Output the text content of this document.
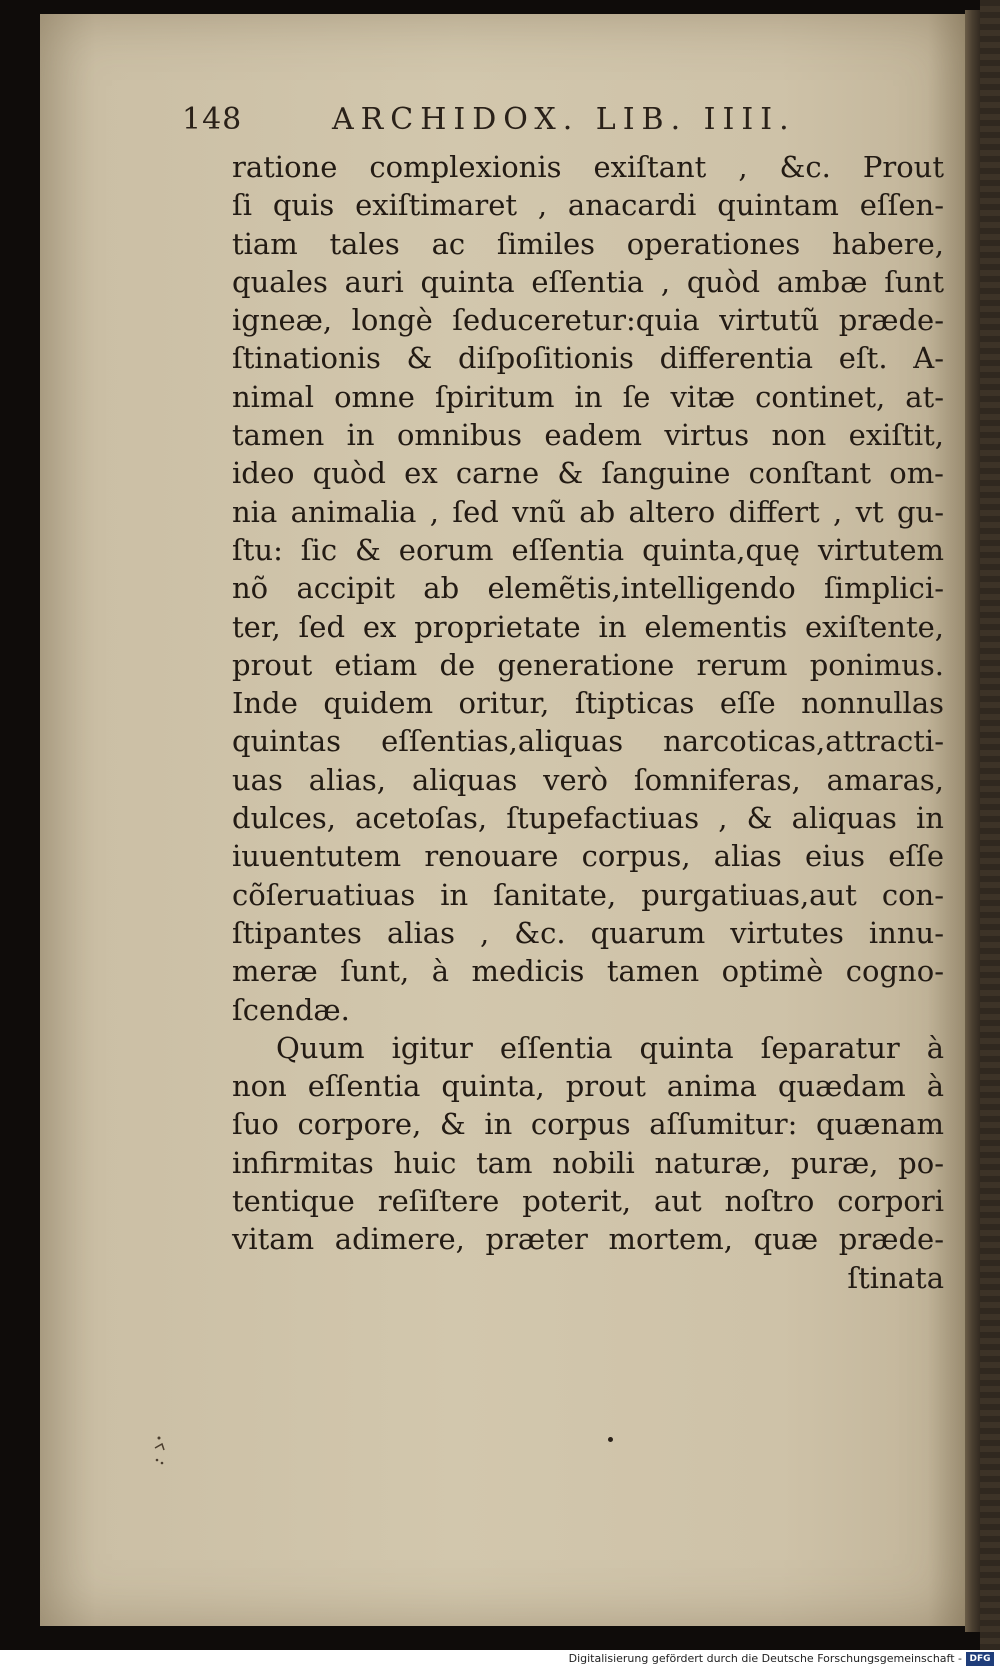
148	ARCHIDOX. LIB. IIII.
ratione complexionis exiſtant , &c. Prout
ſi quis exiſtimaret , anacardi quintam eſſen-
tiam tales ac ſimiles operationes habere,
quales auri quinta eſſentia , quòd ambæ ſunt
igneæ, longè ſeduceretur:quia virtutũ præde-
ſtinationis & diſpoſitionis differentia eſt. A-
nimal omne ſpiritum in ſe vitæ continet, at-
tamen in omnibus eadem virtus non exiſtit,
ideo quòd ex carne & ſanguine conſtant om-
nia animalia , ſed vnũ ab altero differt , vt gu-
ſtu: ſic & eorum eſſentia quinta,quę virtutem
nõ accipit ab elemẽtis,intelligendo ſimplici-
ter, ſed ex proprietate in elementis exiſtente,
prout etiam de generatione rerum ponimus.
Inde quidem oritur, ſtipticas eſſe nonnullas
quintas eſſentias,aliquas narcoticas,attracti-
uas alias, aliquas verò ſomniferas, amaras,
dulces, acetoſas, ſtupefactiuas , & aliquas in
iuuentutem renouare corpus, alias eius eſſe
cõſeruatiuas in ſanitate, purgatiuas,aut con-
ſtipantes alias , &c. quarum virtutes innu-
meræ ſunt, à medicis tamen optimè cogno-
ſcendæ.
Quum igitur eſſentia quinta ſeparatur à
non eſſentia quinta, prout anima quædam à
ſuo corpore, & in corpus aſſumitur: quænam
infirmitas huic tam nobili naturæ, puræ, po-
tentique reſiſtere poterit, aut noſtro corpori
vitam adimere, præter mortem, quæ præde-
ſtinata
Digitalisierung gefördert durch die Deutsche Forschungsgemeinschaft - DFG
